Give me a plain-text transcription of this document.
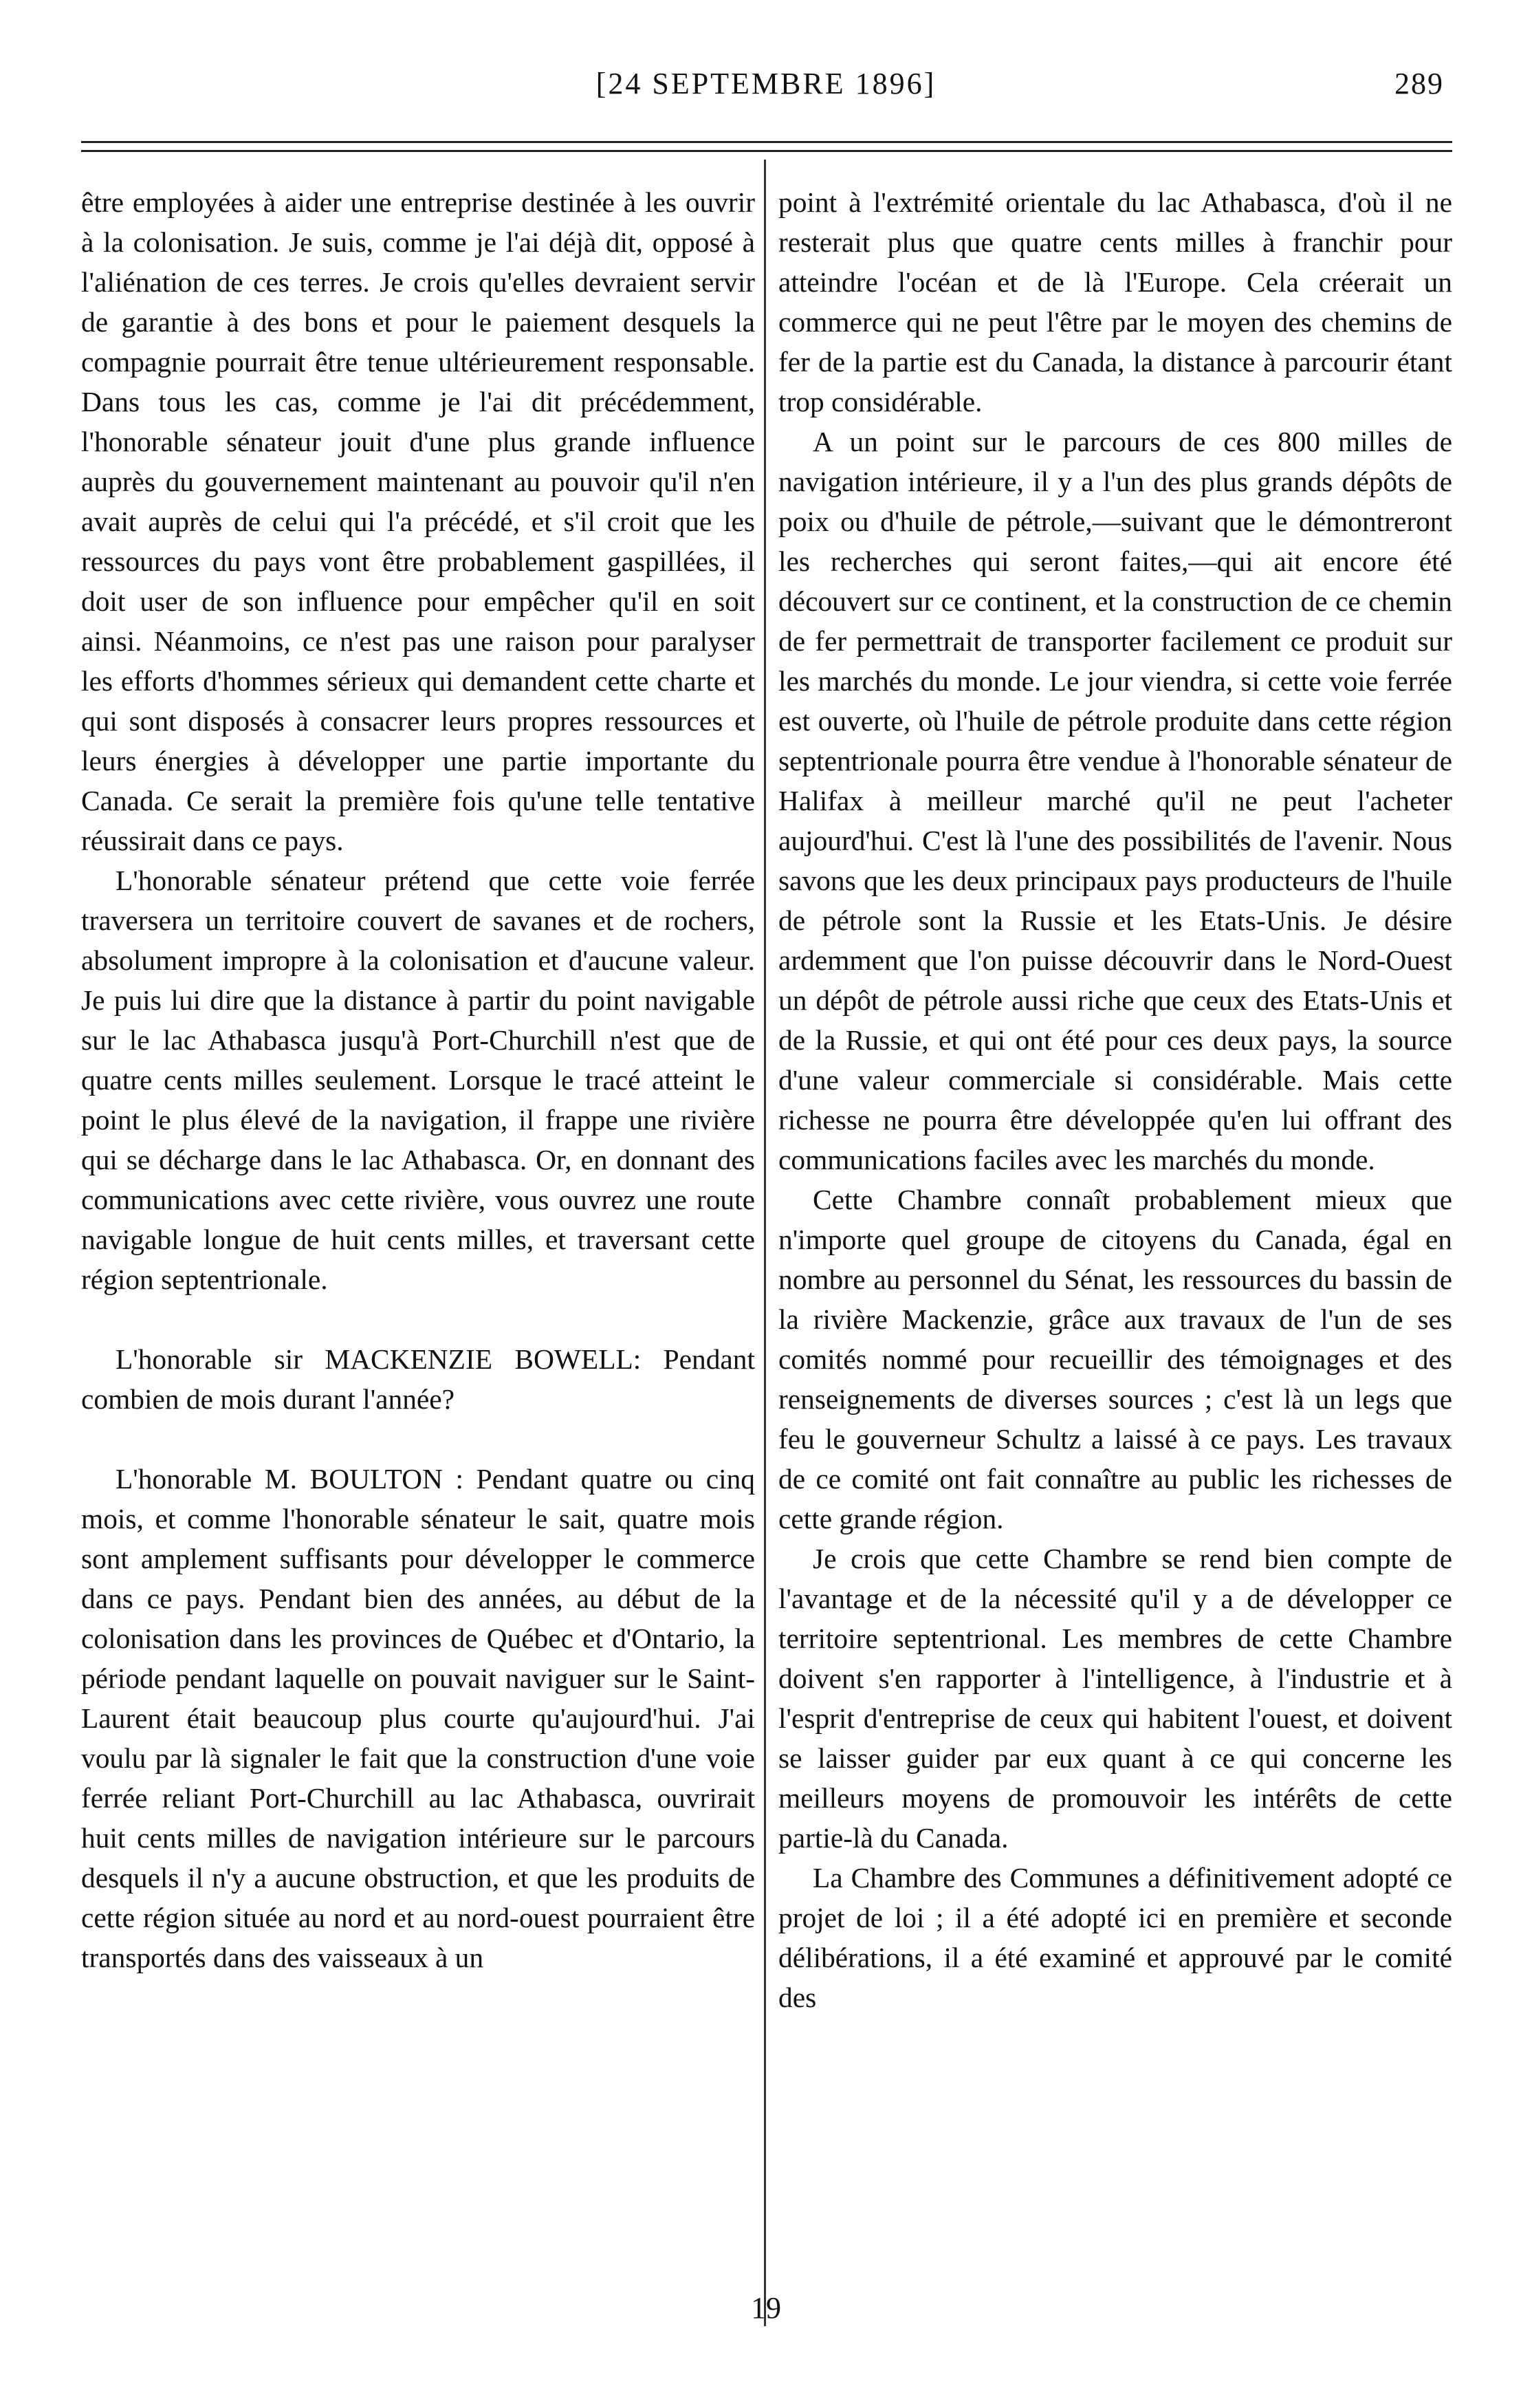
[24 SEPTEMBRE 1896]	289

être employées à aider une entreprise destinée à les ouvrir à la colonisation. Je suis, comme je l'ai déjà dit, opposé à l'aliénation de ces terres. Je crois qu'elles devraient servir de garantie à des bons et pour le paiement desquels la compagnie pourrait être tenue ultérieurement responsable. Dans tous les cas, comme je l'ai dit précédemment, l'honorable sénateur jouit d'une plus grande influence auprès du gouvernement maintenant au pouvoir qu'il n'en avait auprès de celui qui l'a précédé, et s'il croit que les ressources du pays vont être probablement gaspillées, il doit user de son influence pour empêcher qu'il en soit ainsi. Néanmoins, ce n'est pas une raison pour paralyser les efforts d'hommes sérieux qui demandent cette charte et qui sont disposés à consacrer leurs propres ressources et leurs énergies à développer une partie importante du Canada. Ce serait la première fois qu'une telle tentative réussirait dans ce pays.

L'honorable sénateur prétend que cette voie ferrée traversera un territoire couvert de savanes et de rochers, absolument impropre à la colonisation et d'aucune valeur. Je puis lui dire que la distance à partir du point navigable sur le lac Athabasca jusqu'à Port-Churchill n'est que de quatre cents milles seulement. Lorsque le tracé atteint le point le plus élevé de la navigation, il frappe une rivière qui se décharge dans le lac Athabasca. Or, en donnant des communications avec cette rivière, vous ouvrez une route navigable longue de huit cents milles, et traversant cette région septentrionale.

L'honorable sir MACKENZIE BOWELL: Pendant combien de mois durant l'année?

L'honorable M. BOULTON : Pendant quatre ou cinq mois, et comme l'honorable sénateur le sait, quatre mois sont amplement suffisants pour développer le commerce dans ce pays. Pendant bien des années, au début de la colonisation dans les provinces de Québec et d'Ontario, la période pendant laquelle on pouvait naviguer sur le Saint-Laurent était beaucoup plus courte qu'aujourd'hui. J'ai voulu par là signaler le fait que la construction d'une voie ferrée reliant Port-Churchill au lac Athabasca, ouvrirait huit cents milles de navigation intérieure sur le parcours desquels il n'y a aucune obstruction, et que les produits de cette région située au nord et au nord-ouest pourraient être transportés dans des vaisseaux à un

point à l'extrémité orientale du lac Athabasca, d'où il ne resterait plus que quatre cents milles à franchir pour atteindre l'océan et de là l'Europe. Cela créerait un commerce qui ne peut l'être par le moyen des chemins de fer de la partie est du Canada, la distance à parcourir étant trop considérable.

A un point sur le parcours de ces 800 milles de navigation intérieure, il y a l'un des plus grands dépôts de poix ou d'huile de pétrole,—suivant que le démontreront les recherches qui seront faites,—qui ait encore été découvert sur ce continent, et la construction de ce chemin de fer permettrait de transporter facilement ce produit sur les marchés du monde. Le jour viendra, si cette voie ferrée est ouverte, où l'huile de pétrole produite dans cette région septentrionale pourra être vendue à l'honorable sénateur de Halifax à meilleur marché qu'il ne peut l'acheter aujourd'hui. C'est là l'une des possibilités de l'avenir. Nous savons que les deux principaux pays producteurs de l'huile de pétrole sont la Russie et les Etats-Unis. Je désire ardemment que l'on puisse découvrir dans le Nord-Ouest un dépôt de pétrole aussi riche que ceux des Etats-Unis et de la Russie, et qui ont été pour ces deux pays, la source d'une valeur commerciale si considérable. Mais cette richesse ne pourra être développée qu'en lui offrant des communications faciles avec les marchés du monde.

Cette Chambre connaît probablement mieux que n'importe quel groupe de citoyens du Canada, égal en nombre au personnel du Sénat, les ressources du bassin de la rivière Mackenzie, grâce aux travaux de l'un de ses comités nommé pour recueillir des témoignages et des renseignements de diverses sources ; c'est là un legs que feu le gouverneur Schultz a laissé à ce pays. Les travaux de ce comité ont fait connaître au public les richesses de cette grande région.

Je crois que cette Chambre se rend bien compte de l'avantage et de la nécessité qu'il y a de développer ce territoire septentrional. Les membres de cette Chambre doivent s'en rapporter à l'intelligence, à l'industrie et à l'esprit d'entreprise de ceux qui habitent l'ouest, et doivent se laisser guider par eux quant à ce qui concerne les meilleurs moyens de promouvoir les intérêts de cette partie-là du Canada.

La Chambre des Communes a définitivement adopté ce projet de loi ; il a été adopté ici en première et seconde délibérations, il a été examiné et approuvé par le comité des

19
